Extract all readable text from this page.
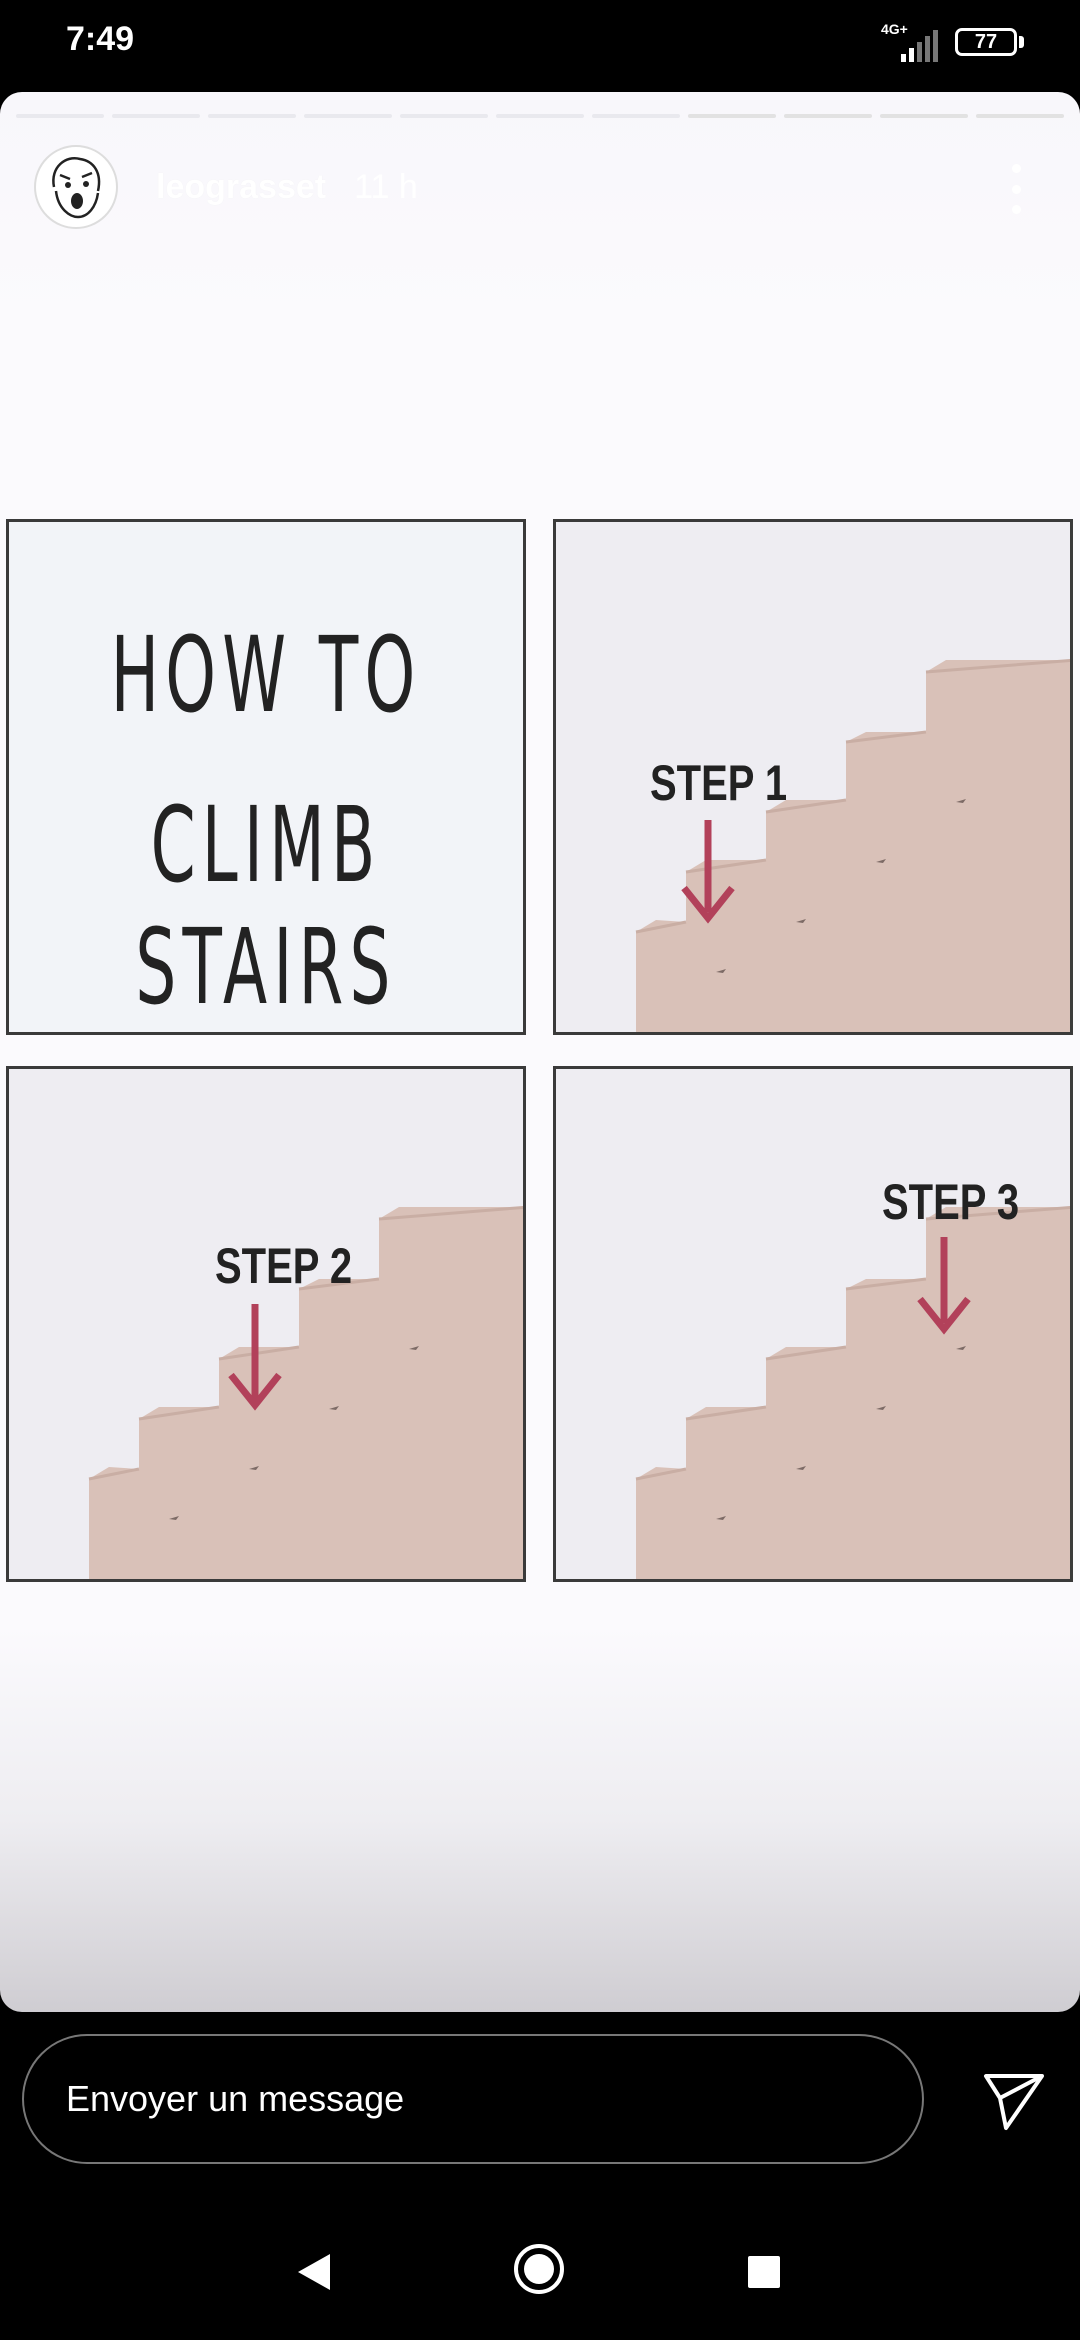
7:49	4G+
77
leograsset 11 h
HOW TO
CLIMB STAIRS
STEP 1
STEP 2
STEP 3
Envoyer un message
